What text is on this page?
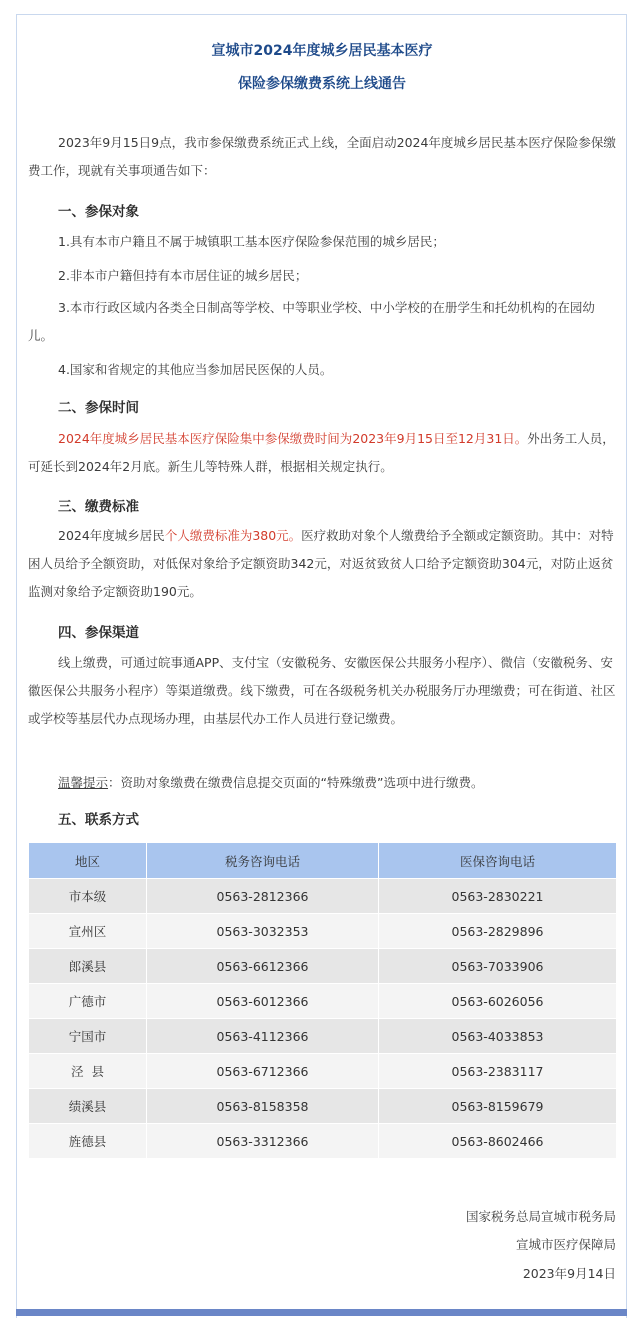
宣城市2024年度城乡居民基本医疗
保险参保缴费系统上线通告
2023年9月15日9点，我市参保缴费系统正式上线，全面启动2024年度城乡居民基本医疗保险参保缴费工作，现就有关事项通告如下：
一、参保对象
1.具有本市户籍且不属于城镇职工基本医疗保险参保范围的城乡居民；
2.非本市户籍但持有本市居住证的城乡居民；
3.本市行政区域内各类全日制高等学校、中等职业学校、中小学校的在册学生和托幼机构的在园幼儿。
4.国家和省规定的其他应当参加居民医保的人员。
二、参保时间
2024年度城乡居民基本医疗保险集中参保缴费时间为2023年9月15日至12月31日。外出务工人员，可延长到2024年2月底。新生儿等特殊人群，根据相关规定执行。
三、缴费标准
2024年度城乡居民个人缴费标准为380元。医疗救助对象个人缴费给予全额或定额资助。其中：对特困人员给予全额资助，对低保对象给予定额资助342元，对返贫致贫人口给予定额资助304元，对防止返贫监测对象给予定额资助190元。
四、参保渠道
线上缴费，可通过皖事通APP、支付宝（安徽税务、安徽医保公共服务小程序）、微信（安徽税务、安徽医保公共服务小程序）等渠道缴费。线下缴费，可在各级税务机关办税服务厅办理缴费；可在街道、社区或学校等基层代办点现场办理，由基层代办工作人员进行登记缴费。
温馨提示：资助对象缴费在缴费信息提交页面的“特殊缴费”选项中进行缴费。
五、联系方式
地区	税务咨询电话	医保咨询电话
市本级	0563-2812366	0563-2830221
宣州区	0563-3032353	0563-2829896
郎溪县	0563-6612366	0563-7033906
广德市	0563-6012366	0563-6026056
宁国市	0563-4112366	0563-4033853
泾  县	0563-6712366	0563-2383117
绩溪县	0563-8158358	0563-8159679
旌德县	0563-3312366	0563-8602466
国家税务总局宣城市税务局
宣城市医疗保障局
2023年9月14日
